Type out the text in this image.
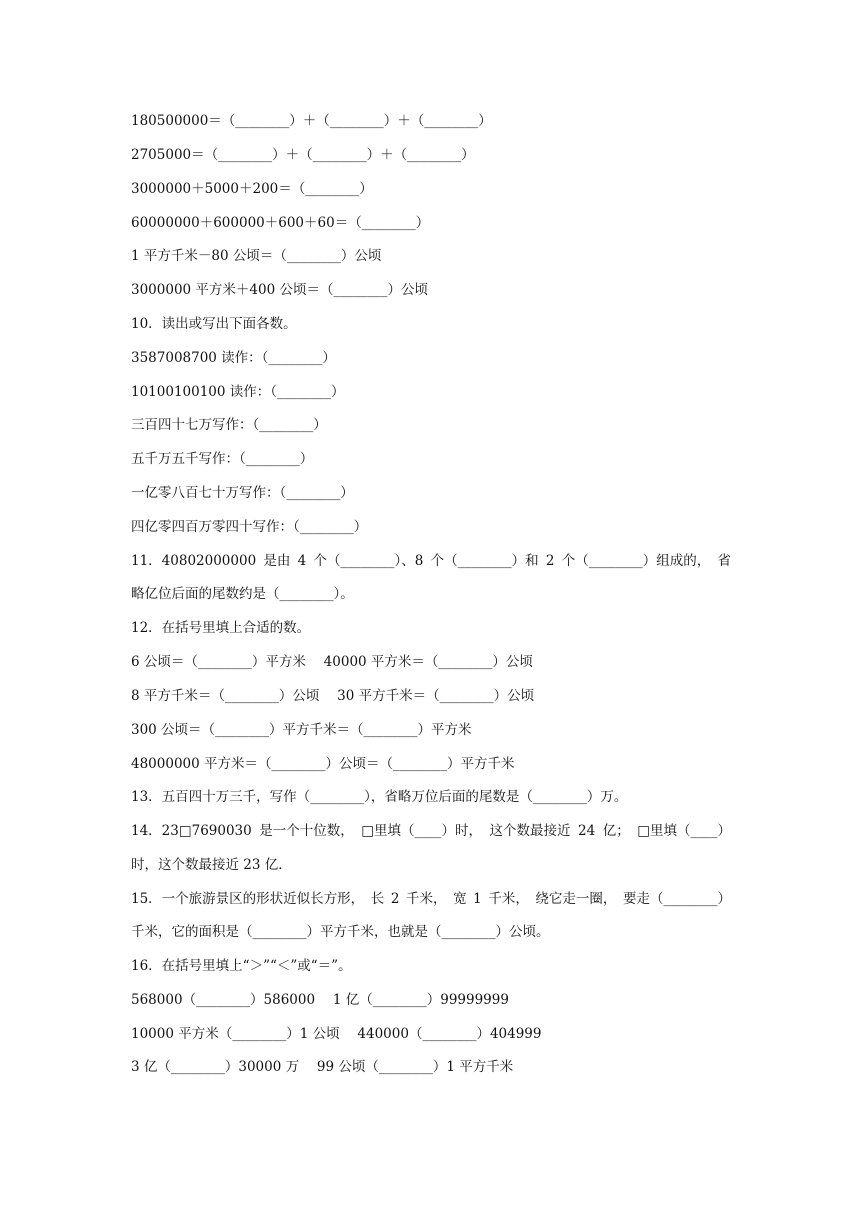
180500000＝（________）＋（________）＋（________）
2705000＝（________）＋（________）＋（________）
3000000＋5000＋200＝（________）
60000000＋600000＋600＋60＝（________）
1 平方千米－80 公顷＝（________）公顷
3000000 平方米＋400 公顷＝（________）公顷
10．读出或写出下面各数。
3587008700 读作：（________）
10100100100 读作：（________）
三百四十七万写作：（________）
五千万五千写作：（________）
一亿零八百七十万写作：（________）
四亿零四百万零四十写作：（________）
11．40802000000 是由 4 个（________）、8 个（________）和 2 个（________）组成的， 省
略亿位后面的尾数约是（________）。
12．在括号里填上合适的数。
6 公顷＝（________）平方米　 40000 平方米＝（________）公顷
8 平方千米＝（________）公顷　 30 平方千米＝（________）公顷
300 公顷＝（________）平方千米＝（________）平方米
48000000 平方米＝（________）公顷＝（________）平方千米
13．五百四十万三千，写作（________），省略万位后面的尾数是（________）万。
14．23□7690030 是一个十位数， □里填（____）时， 这个数最接近 24 亿； □里填（____）
时，这个数最接近 23 亿．
15．一个旅游景区的形状近似长方形， 长 2 千米， 宽 1 千米， 绕它走一圈， 要走（________）
千米，它的面积是（________）平方千米，也就是（________）公顷。
16．在括号里填上“＞”“＜”或“＝”。
568000（________）586000　 1 亿（________）99999999
10000 平方米（________）1 公顷　 440000（________）404999
3 亿（________）30000 万　 99 公顷（________）1 平方千米
